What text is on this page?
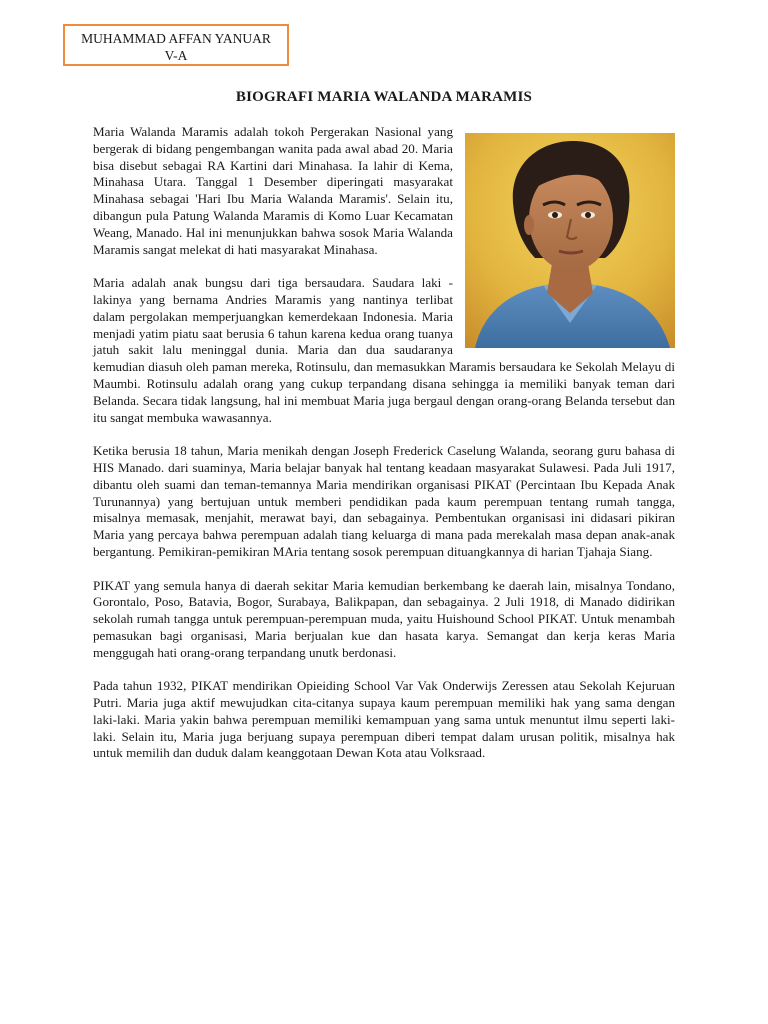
MUHAMMAD AFFAN YANUAR
V-A
BIOGRAFI MARIA WALANDA MARAMIS

Maria Walanda Maramis adalah tokoh Pergerakan Nasional yang bergerak di bidang pengembangan wanita pada awal abad 20. Maria bisa disebut sebagai RA Kartini dari Minahasa. Ia lahir di Kema, Minahasa Utara. Tanggal 1 Desember diperingati masyarakat Minahasa sebagai 'Hari Ibu Maria Walanda Maramis'. Selain itu, dibangun pula Patung Walanda Maramis di Komo Luar Kecamatan Weang, Manado. Hal ini menunjukkan bahwa sosok Maria Walanda Maramis sangat melekat di hati masyarakat Minahasa.

Maria adalah anak bungsu dari tiga bersaudara. Saudara laki -lakinya yang bernama Andries Maramis yang nantinya terlibat dalam pergolakan memperjuangkan kemerdekaan Indonesia. Maria menjadi yatim piatu saat berusia 6 tahun karena kedua orang tuanya jatuh sakit lalu meninggal dunia. Maria dan dua saudaranya kemudian diasuh oleh paman mereka, Rotinsulu, dan memasukkan Maramis bersaudara ke Sekolah Melayu di Maumbi. Rotinsulu adalah orang yang cukup terpandang disana sehingga ia memiliki banyak teman dari Belanda. Secara tidak langsung, hal ini membuat Maria juga bergaul dengan orang-orang Belanda tersebut dan itu sangat membuka wawasannya.

Ketika berusia 18 tahun, Maria menikah dengan Joseph Frederick Caselung Walanda, seorang guru bahasa di HIS Manado. dari suaminya, Maria belajar banyak hal tentang keadaan masyarakat Sulawesi. Pada Juli 1917, dibantu oleh suami dan teman-temannya Maria mendirikan organisasi PIKAT (Percintaan Ibu Kepada Anak Turunannya) yang bertujuan untuk memberi pendidikan pada kaum perempuan tentang rumah tangga, misalnya memasak, menjahit, merawat bayi, dan sebagainya. Pembentukan organisasi ini didasari pikiran Maria yang percaya bahwa perempuan adalah tiang keluarga di mana pada merekalah masa depan anak-anak bergantung. Pemikiran-pemikiran MAria tentang sosok perempuan dituangkannya di harian Tjahaja Siang.

PIKAT yang semula hanya di daerah sekitar Maria kemudian berkembang ke daerah lain, misalnya Tondano, Gorontalo, Poso, Batavia, Bogor, Surabaya, Balikpapan, dan sebagainya. 2 Juli 1918, di Manado didirikan sekolah rumah tangga untuk perempuan-perempuan muda, yaitu Huishound School PIKAT. Untuk menambah pemasukan bagi organisasi, Maria berjualan kue dan hasata karya. Semangat dan kerja keras Maria menggugah hati orang-orang terpandang unutk berdonasi.

Pada tahun 1932, PIKAT mendirikan Opieiding School Var Vak Onderwijs Zeressen atau Sekolah Kejuruan Putri. Maria juga aktif mewujudkan cita-citanya supaya kaum perempuan memiliki hak yang sama dengan laki-laki. Maria yakin bahwa perempuan memiliki kemampuan yang sama untuk menuntut ilmu seperti laki-laki. Selain itu, Maria juga berjuang supaya perempuan diberi tempat dalam urusan politik, misalnya hak untuk memilih dan duduk dalam keanggotaan Dewan Kota atau Volksraad.
